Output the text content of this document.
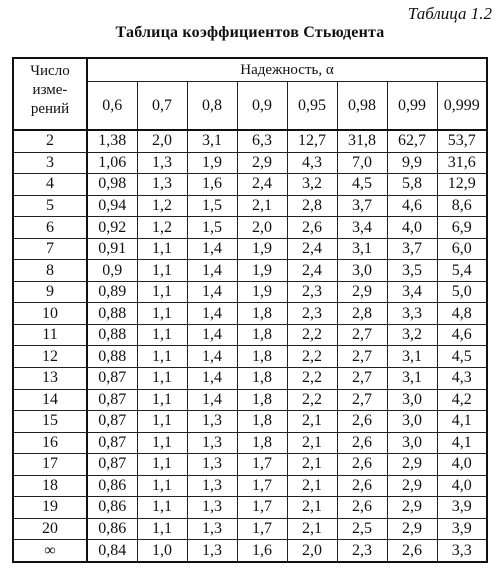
Таблица 1.2
Таблица коэффициентов Стьюдента
Число
изме-
рений	Надежность, α							
	0,6	0,7	0,8	0,9	0,95	0,98	0,99	0,999
2	1,38	2,0	3,1	6,3	12,7	31,8	62,7	53,7
3	1,06	1,3	1,9	2,9	4,3	7,0	9,9	31,6
4	0,98	1,3	1,6	2,4	3,2	4,5	5,8	12,9
5	0,94	1,2	1,5	2,1	2,8	3,7	4,6	8,6
6	0,92	1,2	1,5	2,0	2,6	3,4	4,0	6,9
7	0,91	1,1	1,4	1,9	2,4	3,1	3,7	6,0
8	0,9	1,1	1,4	1,9	2,4	3,0	3,5	5,4
9	0,89	1,1	1,4	1,9	2,3	2,9	3,4	5,0
10	0,88	1,1	1,4	1,8	2,3	2,8	3,3	4,8
11	0,88	1,1	1,4	1,8	2,2	2,7	3,2	4,6
12	0,88	1,1	1,4	1,8	2,2	2,7	3,1	4,5
13	0,87	1,1	1,4	1,8	2,2	2,7	3,1	4,3
14	0,87	1,1	1,4	1,8	2,2	2,7	3,0	4,2
15	0,87	1,1	1,3	1,8	2,1	2,6	3,0	4,1
16	0,87	1,1	1,3	1,8	2,1	2,6	3,0	4,1
17	0,87	1,1	1,3	1,7	2,1	2,6	2,9	4,0
18	0,86	1,1	1,3	1,7	2,1	2,6	2,9	4,0
19	0,86	1,1	1,3	1,7	2,1	2,6	2,9	3,9
20	0,86	1,1	1,3	1,7	2,1	2,5	2,9	3,9
∞	0,84	1,0	1,3	1,6	2,0	2,3	2,6	3,3
